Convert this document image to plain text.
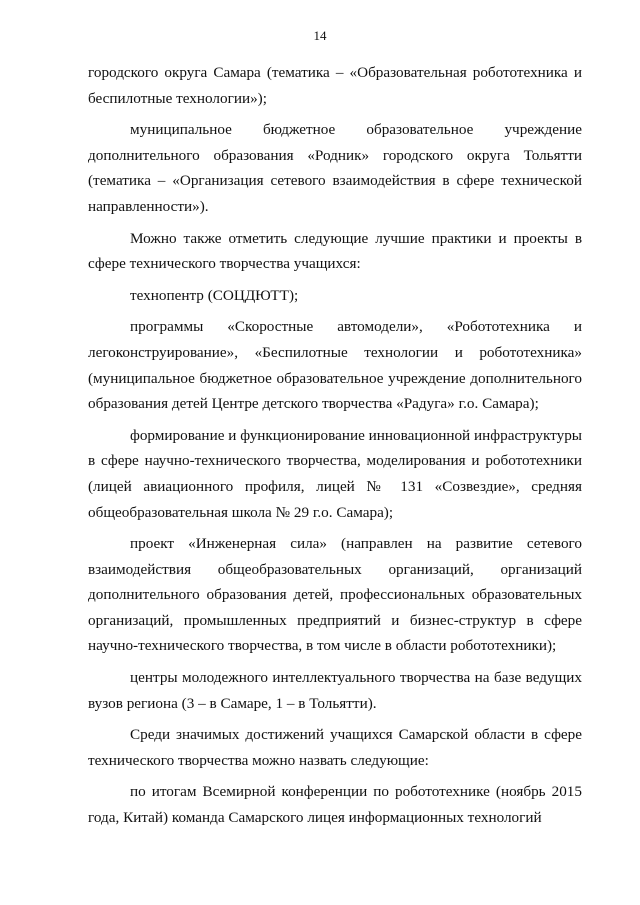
14

городского округа Самара (тематика – «Образовательная робототехника и беспилотные технологии»);

муниципальное бюджетное образовательное учреждение дополнительного образования «Родник» городского округа Тольятти (тематика – «Организация сетевого взаимодействия в сфере технической направленности»).

Можно также отметить следующие лучшие практики и проекты в сфере технического творчества учащихся:

технопентр (СОЦДЮТТ);

программы «Скоростные автомодели», «Робототехника и легоконструирование», «Беспилотные технологии и робототехника» (муниципальное бюджетное образовательное учреждение дополнительного образования детей Центре детского творчества «Радуга» г.о. Самара);

формирование и функционирование инновационной инфраструктуры в сфере научно-технического творчества, моделирования и робототехники (лицей авиационного профиля, лицей № 131 «Созвездие», средняя общеобразовательная школа № 29 г.о. Самара);

проект «Инженерная сила» (направлен на развитие сетевого взаимодействия общеобразовательных организаций, организаций дополнительного образования детей, профессиональных образовательных организаций, промышленных предприятий и бизнес-структур в сфере научно-технического творчества, в том числе в области робототехники);

центры молодежного интеллектуального творчества на базе ведущих вузов региона (3 – в Самаре, 1 – в Тольятти).

Среди значимых достижений учащихся Самарской области в сфере технического творчества можно назвать следующие:

по итогам Всемирной конференции по робототехнике (ноябрь 2015 года, Китай) команда Самарского лицея информационных технологий
